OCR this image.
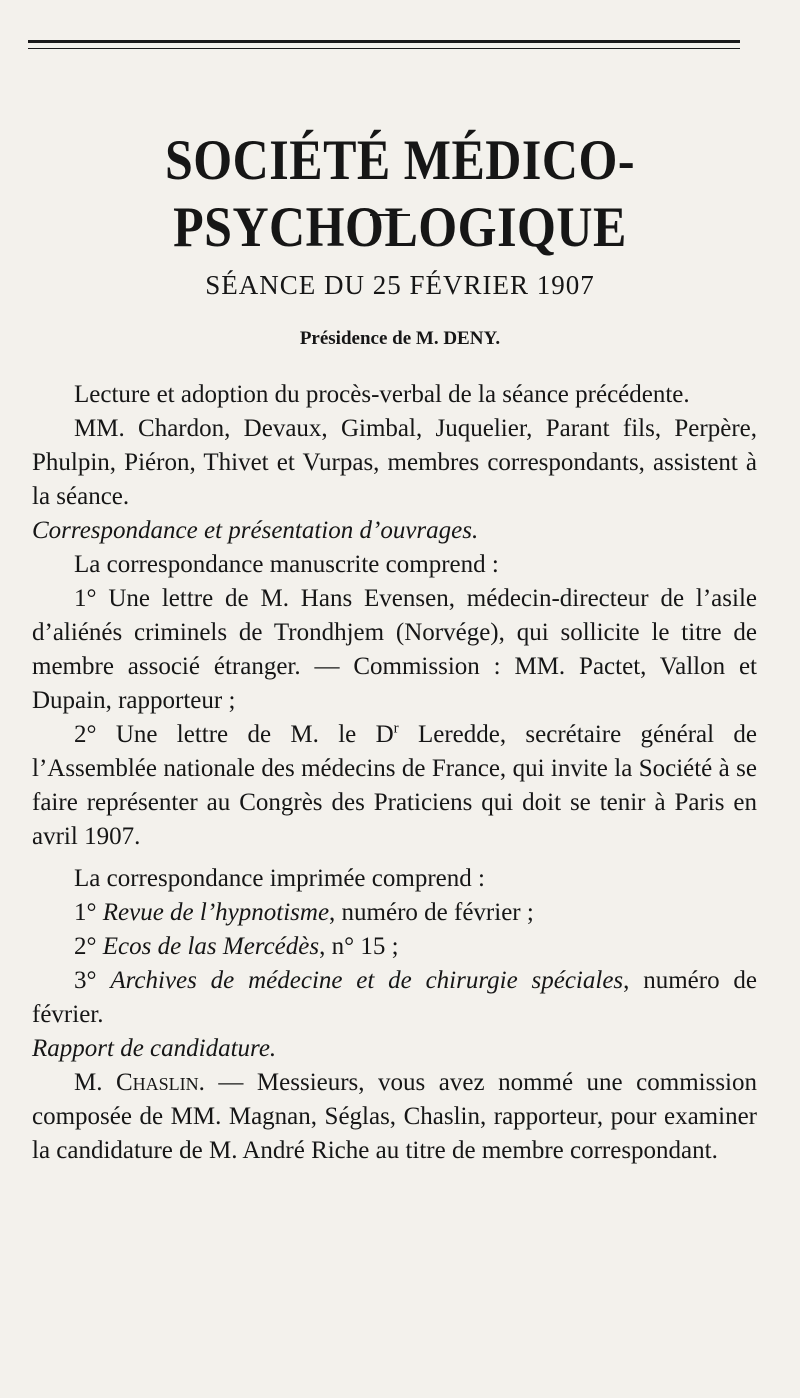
SOCIÉTÉ MÉDICO-PSYCHOLOGIQUE
SÉANCE DU 25 FÉVRIER 1907
Présidence de M. DENY.

Lecture et adoption du procès-verbal de la séance précédente.

MM. Chardon, Devaux, Gimbal, Juquelier, Parant fils, Perpère, Phulpin, Piéron, Thivet et Vurpas, membres correspondants, assistent à la séance.

Correspondance et présentation d’ouvrages.

La correspondance manuscrite comprend :

1° Une lettre de M. Hans Evensen, médecin-directeur de l’asile d’aliénés criminels de Trondhjem (Norvége), qui sollicite le titre de membre associé étranger. — Commission : MM. Pactet, Vallon et Dupain, rapporteur ;

2° Une lettre de M. le $D^r$ Leredde, secrétaire général de l’Assemblée nationale des médecins de France, qui invite la Société à se faire représenter au Congrès des Praticiens qui doit se tenir à Paris en avril 1907.

La correspondance imprimée comprend :

1° Revue de l’hypnotisme, numéro de février ;

2° Ecos de las Mercédès, n° 15 ;

3° Archives de médecine et de chirurgie spéciales, numéro de février.

Rapport de candidature.

M. Chaslin. — Messieurs, vous avez nommé une commission composée de MM. Magnan, Séglas, Chaslin, rapporteur, pour examiner la candidature de M. André Riche au titre de membre correspondant.
